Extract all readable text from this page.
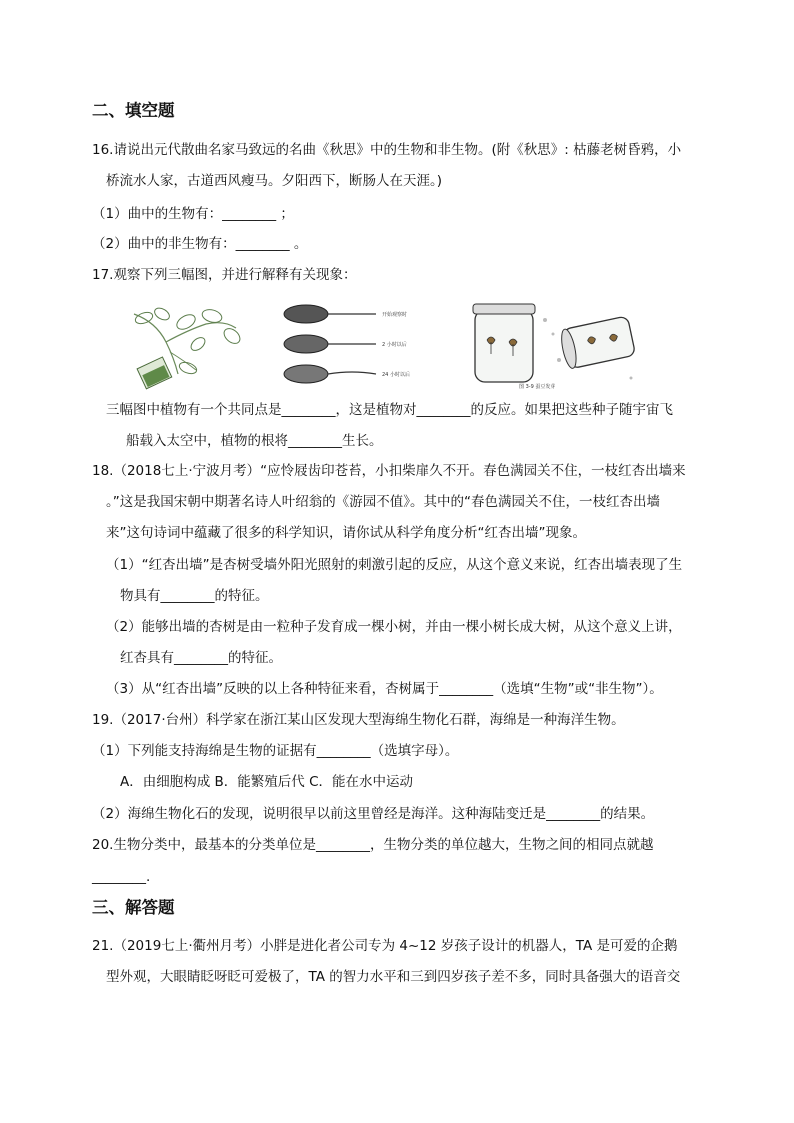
二、填空题
16.请说出元代散曲名家马致远的名曲《秋思》中的生物和非生物。(附《秋思》: 枯藤老树昏鸦，小
桥流水人家，古道西风瘦马。夕阳西下，断肠人在天涯。)
（1）曲中的生物有：________ ；
（2）曲中的非生物有：________ 。
17.观察下列三幅图，并进行解释有关现象：
开始观察时
2 小时以后
24 小时以后
图 3-9 蚕豆发芽
三幅图中植物有一个共同点是________，这是植物对________的反应。如果把这些种子随宇宙飞
船载入太空中，植物的根将________生长。
18.（2018七上·宁波月考）“应怜屐齿印苍苔，小扣柴扉久不开。春色满园关不住，一枝红杏出墙来
。”这是我国宋朝中期著名诗人叶绍翁的《游园不值》。其中的“春色满园关不住，一枝红杏出墙
来”这句诗词中蕴藏了很多的科学知识，请你试从科学角度分析“红杏出墙”现象。
（1）“红杏出墙”是杏树受墙外阳光照射的刺激引起的反应，从这个意义来说，红杏出墙表现了生
物具有________的特征。
（2）能够出墙的杏树是由一粒种子发育成一棵小树，并由一棵小树长成大树，从这个意义上讲，
红杏具有________的特征。
（3）从“红杏出墙”反映的以上各种特征来看，杏树属于________（选填“生物”或“非生物”）。
19.（2017·台州）科学家在浙江某山区发现大型海绵生物化石群，海绵是一种海洋生物。
（1）下列能支持海绵是生物的证据有________（选填字母）。
A．由细胞构成 B．能繁殖后代 C．能在水中运动
（2）海绵生物化石的发现，说明很早以前这里曾经是海洋。这种海陆变迁是________的结果。
20.生物分类中，最基本的分类单位是________，生物分类的单位越大，生物之间的相同点就越
________.
三、解答题
21.（2019七上·衢州月考）小胖是进化者公司专为 4~12 岁孩子设计的机器人，TA 是可爱的企鹅
型外观，大眼睛眨呀眨可爱极了，TA 的智力水平和三到四岁孩子差不多，同时具备强大的语音交
